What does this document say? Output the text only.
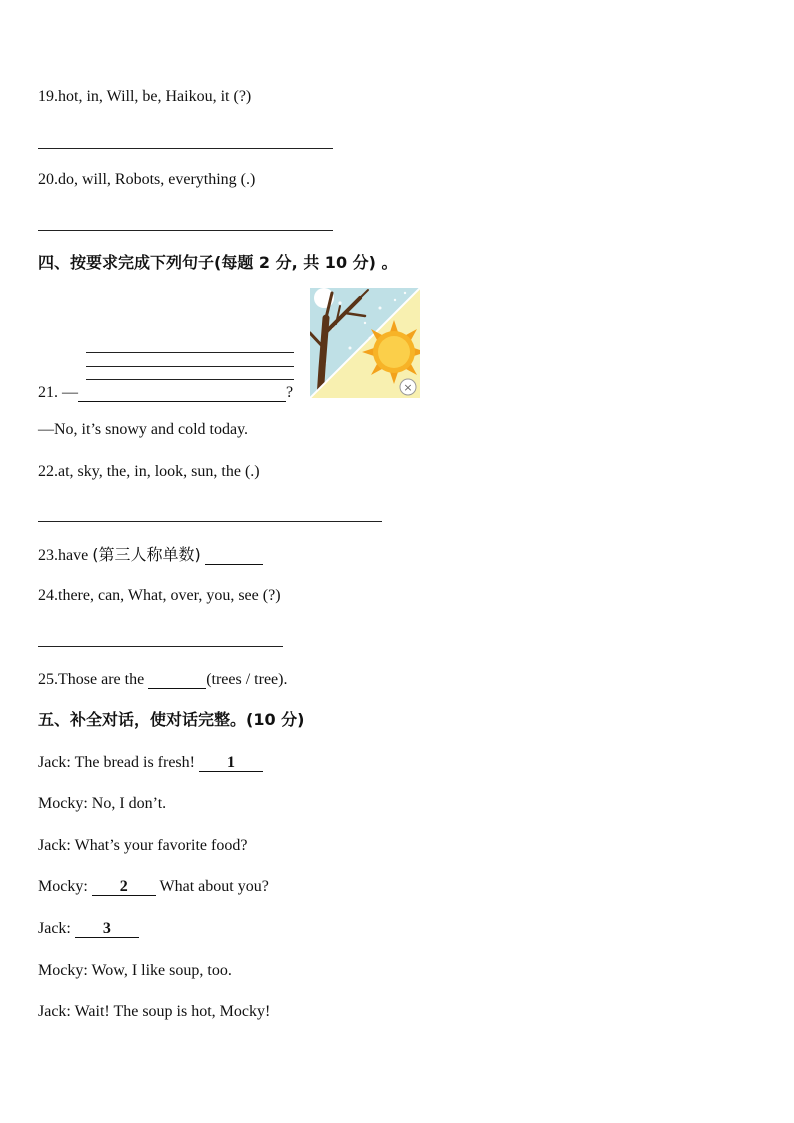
19.hot, in, Will, be, Haikou, it (?)
20.do, will, Robots, everything (.)
四、按要求完成下列句子(每题 2 分, 共 10 分) 。
21. —	?	×
—No, it’s snowy and cold today.
22.at, sky, the, in, look, sun, the (.)
23.have (第三人称单数)
24.there, can, What, over, you, see (?)
25.Those are the	(trees / tree).
五、补全对话，使对话完整。(10 分)
Jack: The bread is fresh! 1
Mocky: No, I don’t.
Jack: What’s your favorite food?
Mocky: 2 What about you?
Jack: 3
Mocky: Wow, I like soup, too.
Jack: Wait! The soup is hot, Mocky!
